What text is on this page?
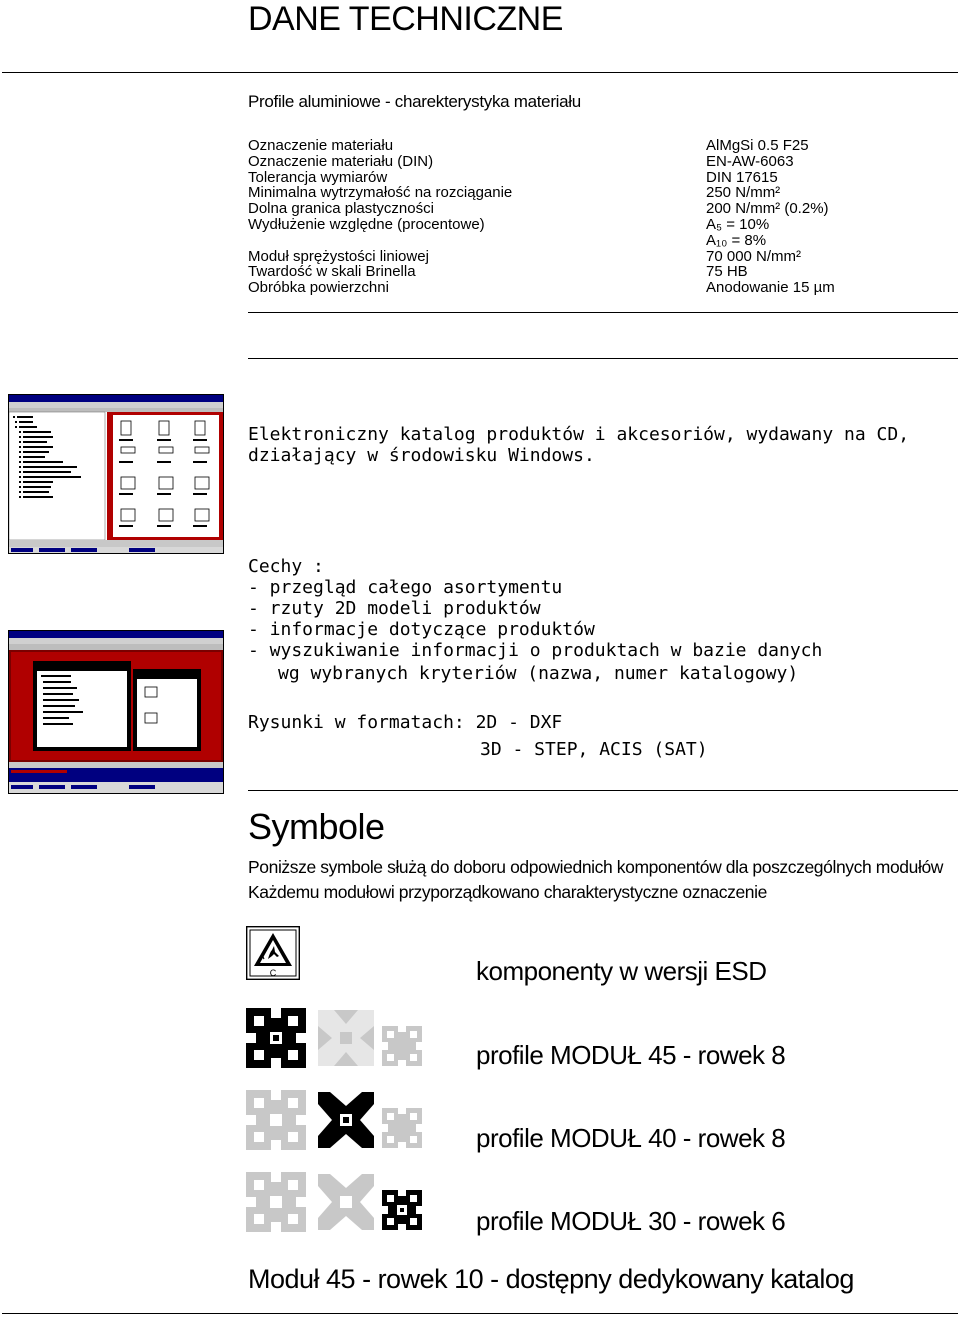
DANE TECHNICZNE
Profile aluminiowe - charekterystyka materiału
Oznaczenie materiału	AlMgSi 0.5 F25
Oznaczenie materiału (DIN)	EN-AW-6063
Tolerancja wymiarów	DIN 17615
Minimalna wytrzymałość na rozciąganie	250 N/mm²
Dolna granica plastyczności	200 N/mm² (0.2%)
Wydłużenie względne (procentowe)	A₅ = 10%
A₁₀ = 8%
Moduł sprężystości liniowej	70 000 N/mm²
Twardość w skali Brinella	75 HB
Obróbka powierzchni	Anodowanie 15 µm
Elektroniczny katalog produktów i akcesoriów, wydawany na CD,
działający w środowisku Windows.
Cechy :
- przegląd całego asortymentu
- rzuty 2D modeli produktów
- informacje dotyczące produktów
- wyszukiwanie informacji o produktach w bazie danych
wg wybranych kryteriów (nazwa, numer katalogowy)
Rysunki w formatach: 2D - DXF
3D - STEP, ACIS (SAT)
Symbole
Poniższe symbole służą do doboru odpowiednich komponentów dla poszczególnych modułów
Każdemu modułowi przyporządkowano charakterystyczne oznaczenie
C	komponenty w wersji ESD
profile MODUŁ 45 - rowek 8
profile MODUŁ 40 - rowek 8
profile MODUŁ 30 - rowek 6
Moduł 45 - rowek 10 - dostępny dedykowany katalog
